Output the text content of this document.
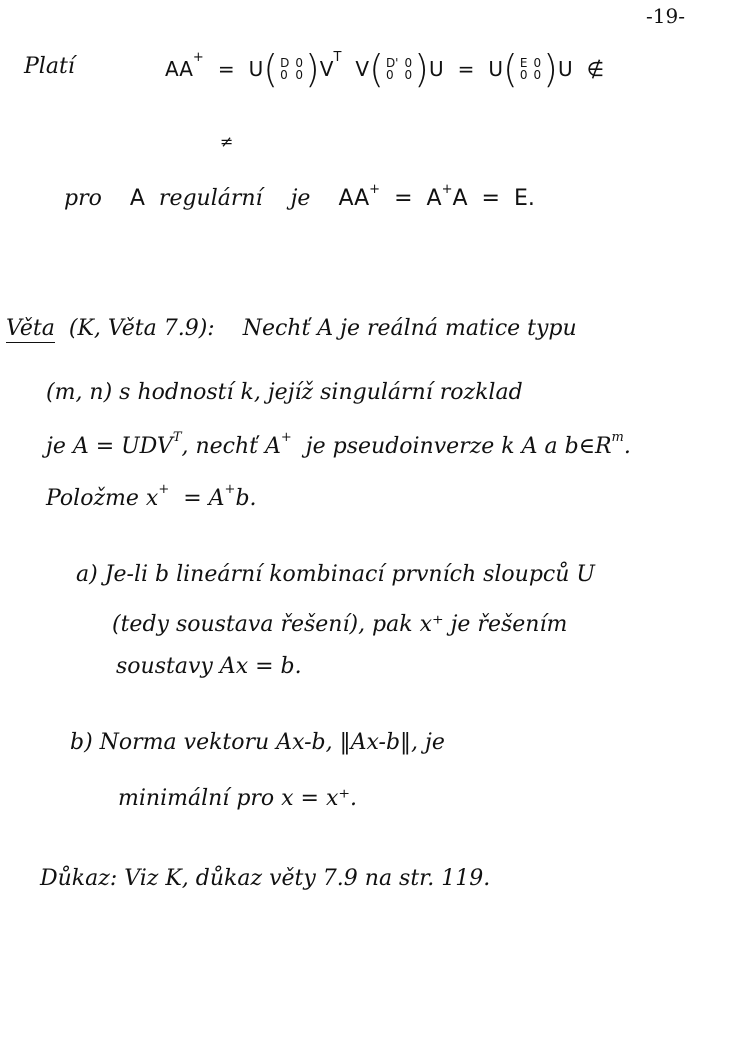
-19-
Platí	AA + = U ( D 0
0 0 ) V T V ( D' 0
0 0 ) U = U ( E 0
0 0 ) U ∉
≠
pro A regulární je AA + = A + A = E.
Věta (K, Věta 7.9): Nechť A je reálná matice typu
(m, n) s hodností k, jejíž singulární rozklad
je A = UDV T , nechť A + je pseudoinverze k A a b∈R m .
Položme x + = A + b.
a) Je-li b lineární kombinací prvních sloupců U
(tedy soustava řešení), pak x⁺ je řešením
soustavy Ax = b.
b) Norma vektoru Ax-b, ‖Ax-b‖, je
minimální pro x = x⁺.
Důkaz: Viz K, důkaz věty 7.9 na str. 119.
